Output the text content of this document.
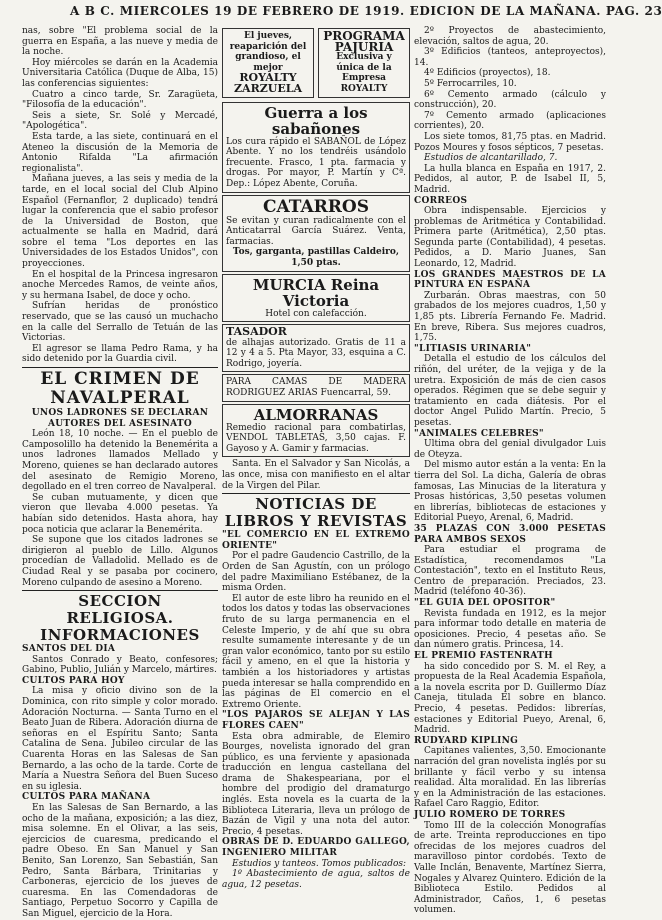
A B C. MIERCOLES 19 DE FEBRERO DE 1919. EDICION DE LA MAÑANA. PAG. 23

nas, sobre "El problema social de la guerra en España, a las nueve y media de la noche.

Hoy miércoles se darán en la Academia Universitaria Católica (Duque de Alba, 15) las conferencias siguientes:

Cuatro a cinco tarde, Sr. Zaragüeta, "Filosofía de la educación".

Seis a siete, Sr. Solé y Mercadé, "Apologética".

Esta tarde, a las siete, continuará en el Ateneo la discusión de la Memoria de Antonio Rifalda "La afirmación regionalista".

Mañana jueves, a las seis y media de la tarde, en el local social del Club Alpino Español (Fernanflor, 2 duplicado) tendrá lugar la conferencia que el sabio profesor de la Universidad de Boston, que actualmente se halla en Madrid, dará sobre el tema "Los deportes en las Universidades de los Estados Unidos", con proyecciones.

En el hospital de la Princesa ingresaron anoche Mercedes Ramos, de veinte años, y su hermana Isabel, de doce y ocho.

Sufrían heridas de pronóstico reservado, que se las causó un muchacho en la calle del Serrallo de Tetuán de las Victorias.

El agresor se llama Pedro Rama, y ha sido detenido por la Guardia civil.

EL CRIMEN DE NAVALPERAL

UNOS LADRONES SE DECLARAN AUTORES DEL ASESINATO

León 18, 10 noche. — En el pueblo de Camposolillo ha detenido la Benemérita a unos ladrones llamados Mellado y Moreno, quienes se han declarado autores del asesinato de Remigio Moreno, degollado en el tren correo de Navalperal.

Se cuban mutuamente, y dicen que vieron que llevaba 4.000 pesetas. Ya habían sido detenidos. Hasta ahora, hay poca noticia que aclarar la Benemérita.

Se supone que los citados ladrones se dirigieron al pueblo de Lillo. Algunos procedían de Valladolid. Mellado es de Ciudad Real y se pasaba por cocinero, Moreno culpando de asesino a Moreno.

SECCION RELIGIOSA. INFORMACIONES

SANTOS DEL DIA

Santos Conrado y Beato, confesores; Gabino, Publio, Julián y Marcelo, mártires.

CULTOS PARA HOY

La misa y oficio divino son de la Dominica, con rito simple y color morado. Adoración Nocturna. — Santa Turno en el Beato Juan de Ribera. Adoración diurna de señoras en el Espíritu Santo; Santa Catalina de Sena. Jubileo circular de las Cuarenta Horas en las Salesas de San Bernardo, a las ocho de la tarde. Corte de María a Nuestra Señora del Buen Suceso en su iglesia.

CULTOS PARA MAÑANA

En las Salesas de San Bernardo, a las ocho de la mañana, exposición; a las diez, misa solemne. En el Olivar, a las seis, ejercicios de cuaresma, predicando el padre Obeso. En San Manuel y San Benito, San Lorenzo, San Sebastián, San Pedro, Santa Bárbara, Trinitarias y Carboneras, ejercicio de los jueves de cuaresma. En las Comendadoras de Santiago, Perpetuo Socorro y Capilla de San Miguel, ejercicio de la Hora.

El jueves, reaparición del grandioso, el mejor
ROYALTY ZARZUELA
PROGRAMA PAJURIA
Exclusiva y única de la Empresa ROYALTY
Guerra a los sabañones
Los cura rápido el SABAÑOL de López Abente. Y no los tendréis usándolo frecuente. Frasco, 1 pta. farmacia y drogas. Por mayor, P. Martín y Cª. Dep.: López Abente, Coruña.
CATARROS
Se evitan y curan radicalmente con el Anticatarral García Suárez. Venta, farmacias.
Tos, garganta, pastillas Caldeiro, 1,50 ptas.
MURCIA Reina Victoria
Hotel con calefacción.
TASADOR
de alhajas autorizado. Gratis de 11 a 12 y 4 a 5. Pta Mayor, 33, esquina a C. Rodrigo, joyería.
PARA CAMAS DE MADERA RODRIGUEZ ARIAS Fuencarral, 59.
ALMORRANAS
Remedio racional para combatirlas, VENDOL TABLETAS, 3,50 cajas. F. Gayoso y A. Gamir y farmacias.

Santa. En el Salvador y San Nicolás, a las once, misa con manifiesto en el altar de la Virgen del Pilar.

NOTICIAS DE LIBROS Y REVISTAS

"EL COMERCIO EN EL EXTREMO ORIENTE"

Por el padre Gaudencio Castrillo, de la Orden de San Agustín, con un prólogo del padre Maximiliano Estébanez, de la misma Orden.

El autor de este libro ha reunido en el todos los datos y todas las observaciones fruto de su larga permanencia en el Celeste Imperio, y de ahí que su obra resulte sumamente interesante y de un gran valor económico, tanto por su estilo fácil y ameno, en el que la historia y también a los historiadores y artistas pueda interesar se halla comprendido en las páginas de El comercio en el Extremo Oriente.

"LOS PAJAROS SE ALEJAN Y LAS FLORES CAEN"

Esta obra admirable, de Elemiro Bourges, novelista ignorado del gran público, es una ferviente y apasionada traducción en lengua castellana del drama de Shakespeariana, por el hombre del prodigio del dramaturgo inglés. Esta novela es la cuarta de la Biblioteca Literaria, lleva un prólogo de Bazán de Vigil y una nota del autor. Precio, 4 pesetas.

OBRAS DE D. EDUARDO GALLEGO, INGENIERO MILITAR

Estudios y tanteos. Tomos publicados:

1º Abastecimiento de agua, saltos de agua, 12 pesetas.

2º Proyectos de abastecimiento, elevación, saltos de agua, 20.

3º Edificios (tanteos, anteproyectos), 14.

4º Edificios (proyectos), 18.

5º Ferrocarriles, 10.

6º Cemento armado (cálculo y construcción), 20.

7º Cemento armado (aplicaciones corrientes), 20.

Los siete tomos, 81,75 ptas. en Madrid. Pozos Moures y fosos sépticos, 7 pesetas.

Estudios de alcantarillado, 7.

La hulla blanca en España en 1917, 2. Pedidos, al autor, P. de Isabel II, 5, Madrid.

CORREOS

Obra indispensable. Ejercicios y problemas de Aritmética y Contabilidad. Primera parte (Aritmética), 2,50 ptas. Segunda parte (Contabilidad), 4 pesetas. Pedidos, a D. Mario Juanes, San Leonardo, 12, Madrid.

LOS GRANDES MAESTROS DE LA PINTURA EN ESPAÑA

Zurbarán. Obras maestras, con 50 grabados de los mejores cuadros, 1,50 y 1,85 pts. Librería Fernando Fe. Madrid. En breve, Ribera. Sus mejores cuadros, 1,75.

"LITIASIS URINARIA"

Detalla el estudio de los cálculos del riñón, del uréter, de la vejiga y de la uretra. Exposición de más de cien casos operados. Régimen que se debe seguir y tratamiento en cada diátesis. Por el doctor Angel Pulido Martín. Precio, 5 pesetas.

"ANIMALES CELEBRES"

Ultima obra del genial divulgador Luis de Oteyza.

Del mismo autor están a la venta: En la tierra del Sol. La dicha, Galería de obras famosas, Las Minucias de la literatura y Prosas históricas, 3,50 pesetas volumen en librerías, bibliotecas de estaciones y Editorial Pueyo, Arenal, 6, Madrid.

35 PLAZAS CON 3.000 PESETAS PARA AMBOS SEXOS

Para estudiar el programa de Estadística, recomendamos "La Contestación", texto en el Instituto Reus, Centro de preparación. Preciados, 23. Madrid (teléfono 40-36).

"EL GUIA DEL OPOSITOR"

Revista fundada en 1912, es la mejor para informar todo detalle en materia de oposiciones. Precio, 4 pesetas año. Se dan número gratis. Princesa, 14.

EL PREMIO FASTENRATH

ha sido concedido por S. M. el Rey, a propuesta de la Real Academia Española, a la novela escrita por D. Guillermo Díaz Caneja, titulada El sobre en blanco. Precio, 4 pesetas. Pedidos: librerías, estaciones y Editorial Pueyo, Arenal, 6, Madrid.

RUDYARD KIPLING

Capitanes valientes, 3,50. Emocionante narración del gran novelista inglés por su brillante y fácil verbo y su intensa realidad. Alta moralidad. En las librerías y en la Administración de las estaciones. Rafael Caro Raggio, Editor.

JULIO ROMERO DE TORRES

Tomo III de la colección Monografías de arte. Treinta reproducciones en tipo ofrecidas de los mejores cuadros del maravilloso pintor cordobés. Texto de Valle Inclán, Benavente, Martínez Sierra, Nogales y Alvarez Quintero. Edición de la Biblioteca Estilo. Pedidos al Administrador, Caños, 1, 6 pesetas volumen.
